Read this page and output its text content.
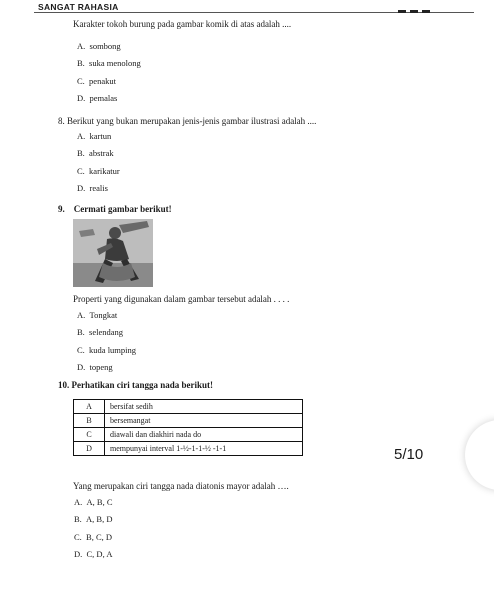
SANGAT RAHASIA
Karakter tokoh burung pada gambar komik di atas adalah ....
A. sombong
B. suka menolong
C. penakut
D. pemalas
8. Berikut yang bukan merupakan jenis-jenis gambar ilustrasi adalah ....
A. kartun
B. abstrak
C. karikatur
D. realis
9. Cermati gambar berikut!
Properti yang digunakan dalam gambar tersebut adalah . . . .
A. Tongkat
B. selendang
C. kuda lumping
D. topeng
10. Perhatikan ciri tangga nada berikut!
A	bersifat sedih
B	bersemangat
C	diawali dan diakhiri nada do
D	mempunyai interval 1-½-1-1-½ -1-1
Yang merupakan ciri tangga nada diatonis mayor adalah ….
A. A, B, C
B. A, B, D
C. B, C, D
D. C, D, A
5/10
